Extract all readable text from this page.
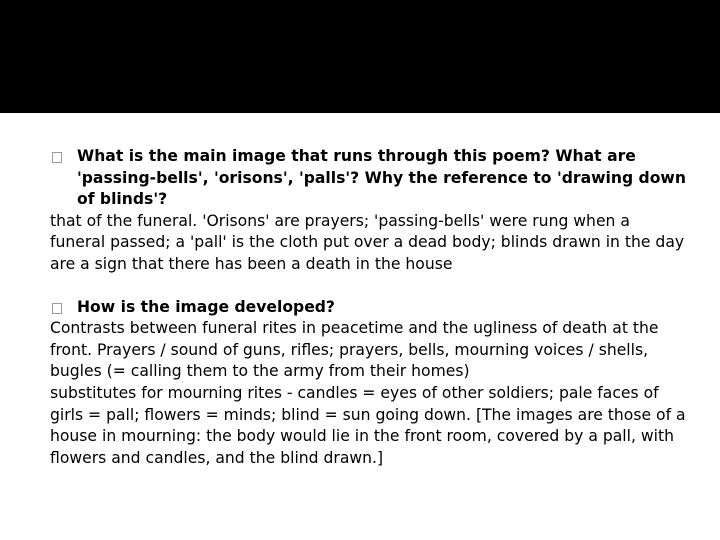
What is the main image that runs through this poem? What are 'passing-bells', 'orisons', 'palls'? Why the reference to 'drawing down of blinds'?

that of the funeral. 'Orisons' are prayers; 'passing-bells' were rung when a funeral passed; a 'pall' is the cloth put over a dead body; blinds drawn in the day are a sign that there has been a death in the house

How is the image developed?

Contrasts between funeral rites in peacetime and the ugliness of death at the front. Prayers / sound of guns, rifles; prayers, bells, mourning voices / shells, bugles (= calling them to the army from their homes)

substitutes for mourning rites - candles = eyes of other soldiers; pale faces of girls = pall; flowers = minds; blind = sun going down. [The images are those of a house in mourning: the body would lie in the front room, covered by a pall, with flowers and candles, and the blind drawn.]
